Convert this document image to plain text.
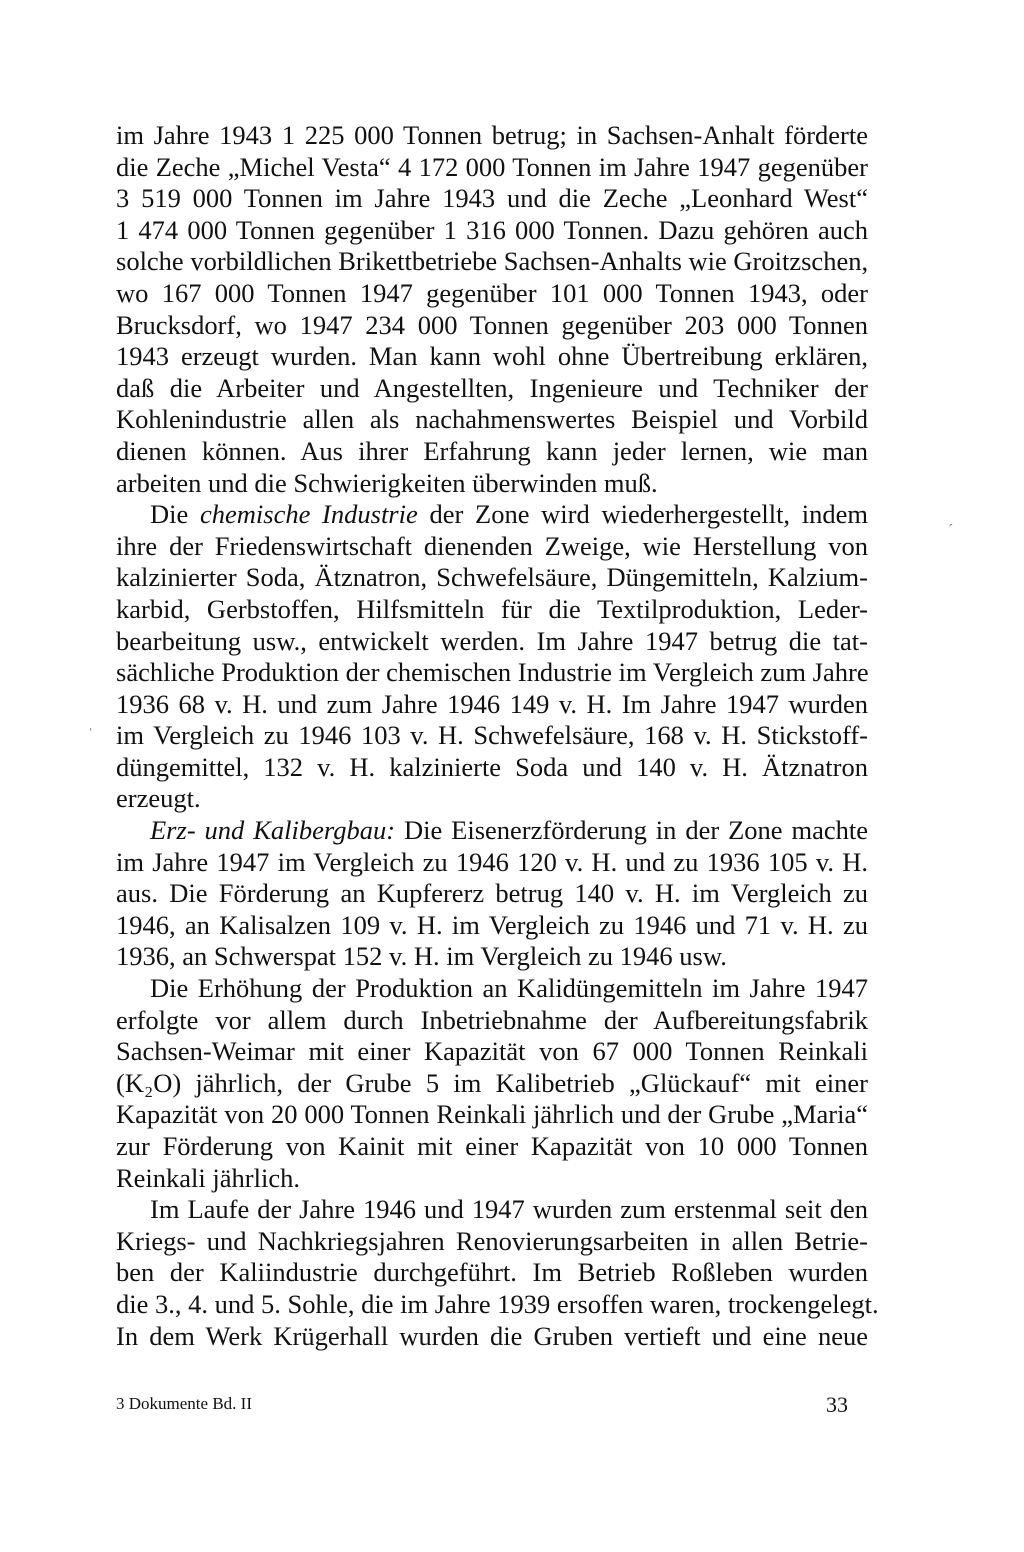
im Jahre 1943 1 225 000 Tonnen betrug; in Sachsen-Anhalt förderte
die Zeche „Michel Vesta“ 4 172 000 Tonnen im Jahre 1947 gegenüber
3 519 000 Tonnen im Jahre 1943 und die Zeche „Leonhard West“
1 474 000 Tonnen gegenüber 1 316 000 Tonnen. Dazu gehören auch
solche vorbildlichen Brikettbetriebe Sachsen-Anhalts wie Groitzschen,
wo 167 000 Tonnen 1947 gegenüber 101 000 Tonnen 1943, oder
Brucksdorf, wo 1947 234 000 Tonnen gegenüber 203 000 Tonnen
1943 erzeugt wurden. Man kann wohl ohne Übertreibung erklären,
daß die Arbeiter und Angestellten, Ingenieure und Techniker der
Kohlenindustrie allen als nachahmenswertes Beispiel und Vorbild
dienen können. Aus ihrer Erfahrung kann jeder lernen, wie man
arbeiten und die Schwierigkeiten überwinden muß.
Die chemische Industrie der Zone wird wiederhergestellt, indem
ihre der Friedenswirtschaft dienenden Zweige, wie Herstellung von
kalzinierter Soda, Ätznatron, Schwefelsäure, Düngemitteln, Kalzium-
karbid, Gerbstoffen, Hilfsmitteln für die Textilproduktion, Leder-
bearbeitung usw., entwickelt werden. Im Jahre 1947 betrug die tat-
sächliche Produktion der chemischen Industrie im Vergleich zum Jahre
1936 68 v. H. und zum Jahre 1946 149 v. H. Im Jahre 1947 wurden
im Vergleich zu 1946 103 v. H. Schwefelsäure, 168 v. H. Stickstoff-
düngemittel, 132 v. H. kalzinierte Soda und 140 v. H. Ätznatron
erzeugt.
Erz- und Kalibergbau: Die Eisenerzförderung in der Zone machte
im Jahre 1947 im Vergleich zu 1946 120 v. H. und zu 1936 105 v. H.
aus. Die Förderung an Kupfererz betrug 140 v. H. im Vergleich zu
1946, an Kalisalzen 109 v. H. im Vergleich zu 1946 und 71 v. H. zu
1936, an Schwerspat 152 v. H. im Vergleich zu 1946 usw.
Die Erhöhung der Produktion an Kalidüngemitteln im Jahre 1947
erfolgte vor allem durch Inbetriebnahme der Aufbereitungsfabrik
Sachsen-Weimar mit einer Kapazität von 67 000 Tonnen Reinkali
(K₂O) jährlich, der Grube 5 im Kalibetrieb „Glückauf“ mit einer
Kapazität von 20 000 Tonnen Reinkali jährlich und der Grube „Maria“
zur Förderung von Kainit mit einer Kapazität von 10 000 Tonnen
Reinkali jährlich.
Im Laufe der Jahre 1946 und 1947 wurden zum erstenmal seit den
Kriegs- und Nachkriegsjahren Renovierungsarbeiten in allen Betrie-
ben der Kaliindustrie durchgeführt. Im Betrieb Roßleben wurden
die 3., 4. und 5. Sohle, die im Jahre 1939 ersoffen waren, trockengelegt.
In dem Werk Krügerhall wurden die Gruben vertieft und eine neue
ˊ
ˈ
3 Dokumente Bd. II	33
